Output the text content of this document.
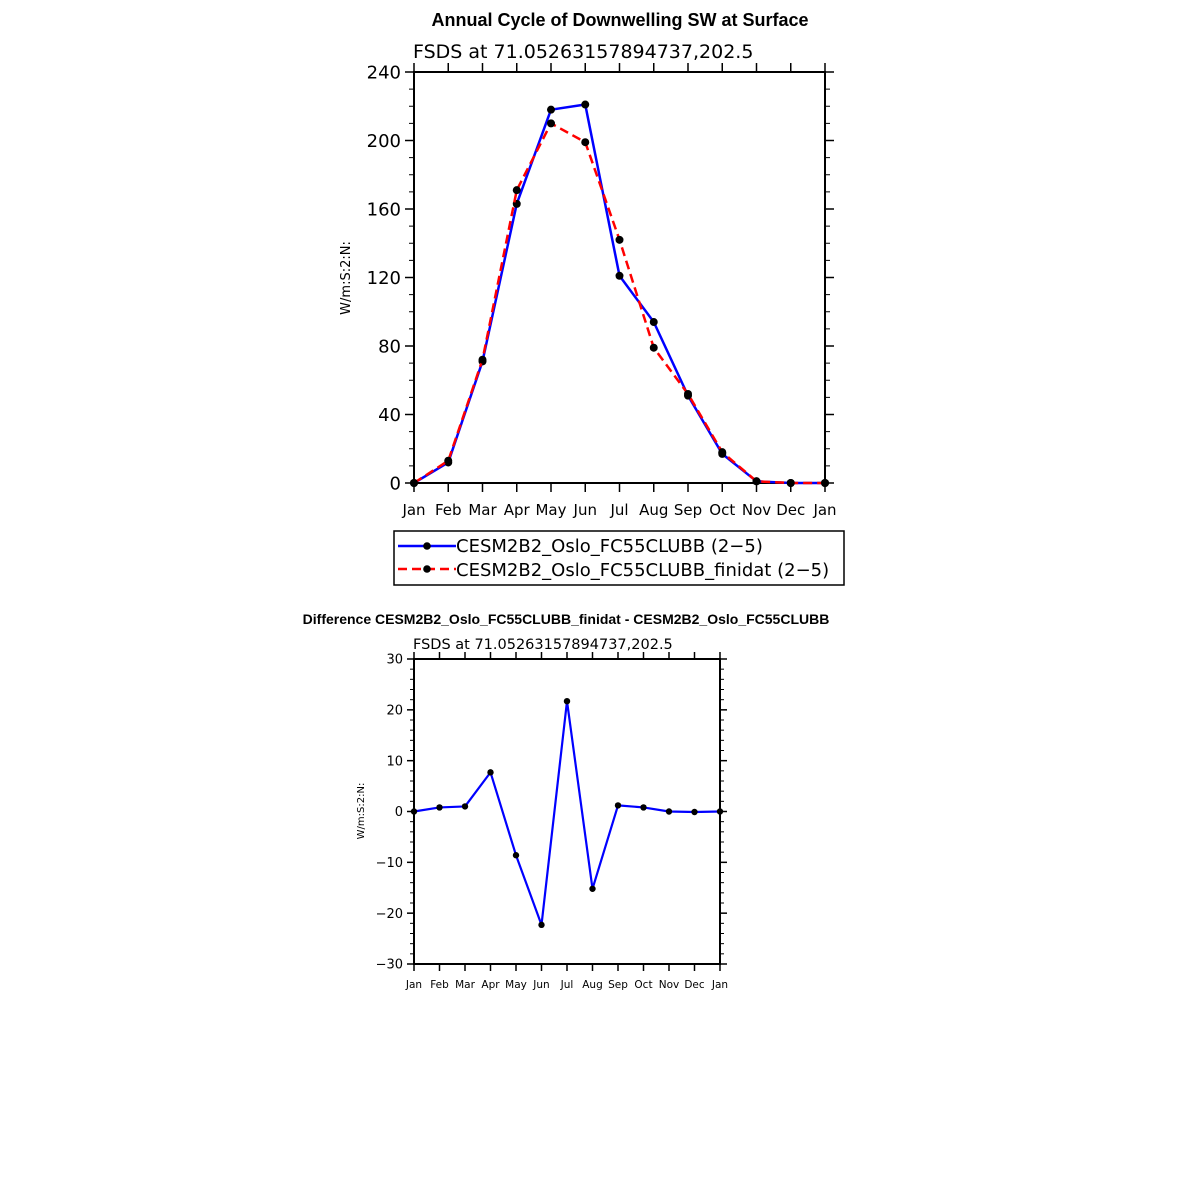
Annual Cycle of Downwelling SW at Surface
FSDS at 71.05263157894737,202.5
W/m:S:2:N:
0
40
80
120
160
200
240
Jan Feb Mar Apr May Jun Jul Aug Sep Oct Nov Dec Jan
CESM2B2_Oslo_FC55CLUBB (2−5)
CESM2B2_Oslo_FC55CLUBB_finidat (2−5)
Difference CESM2B2_Oslo_FC55CLUBB_finidat - CESM2B2_Oslo_FC55CLUBB
FSDS at 71.05263157894737,202.5
W/m:S:2:N:
−30
−20
−10
0
10
20
30
Jan Feb Mar Apr May Jun Jul Aug Sep Oct Nov Dec Jan
